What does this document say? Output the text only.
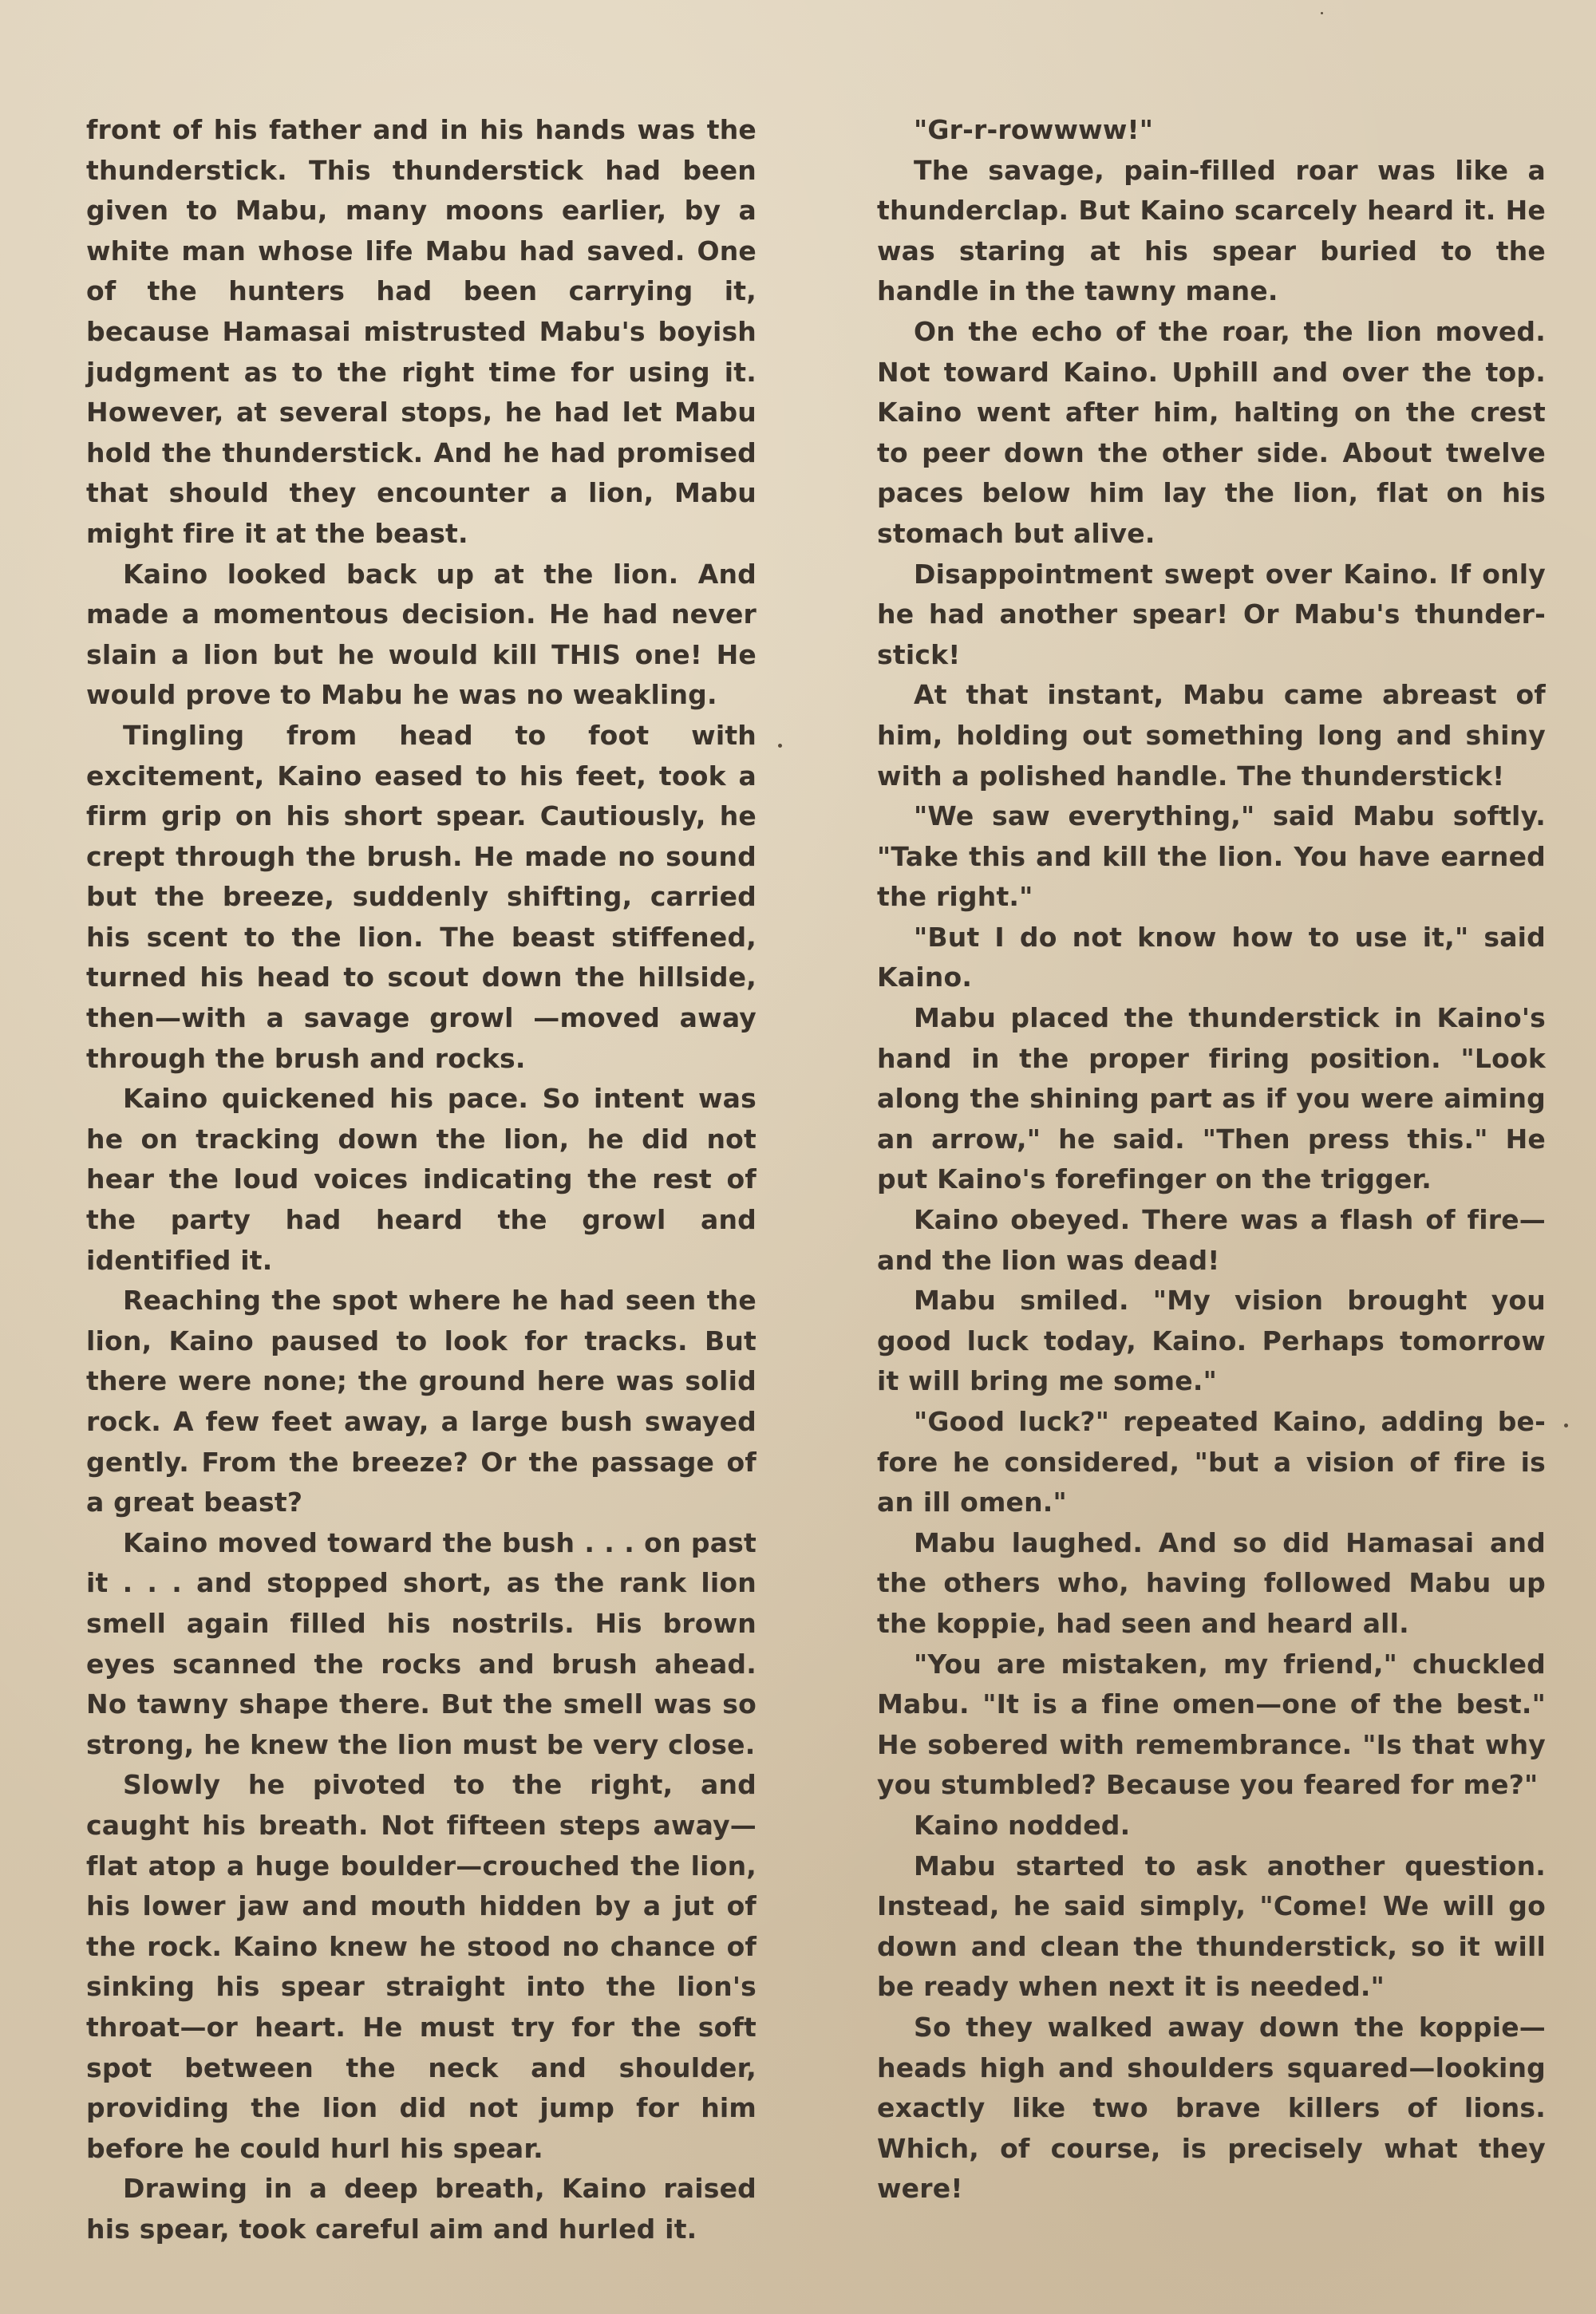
front of his father and in his hands was the thunderstick. This thunderstick had been given to Mabu, many moons earlier, by a white man whose life Mabu had saved. One of the hunters had been carrying it, because Hamasai mistrusted Mabu's boyish judgment as to the right time for using it. However, at several stops, he had let Mabu hold the thunderstick. And he had promised that should they encounter a lion, Mabu might fire it at the beast.

Kaino looked back up at the lion. And made a momentous decision. He had never slain a lion but he would kill THIS one! He would prove to Mabu he was no weakling.

Tingling from head to foot with excitement, Kaino eased to his feet, took a firm grip on his short spear. Cautiously, he crept through the brush. He made no sound but the breeze, suddenly shifting, carried his scent to the lion. The beast stiffened, turned his head to scout down the hillside, then—with a savage growl —moved away through the brush and rocks.

Kaino quickened his pace. So intent was he on tracking down the lion, he did not hear the loud voices indicating the rest of the party had heard the growl and identified it.

Reaching the spot where he had seen the lion, Kaino paused to look for tracks. But there were none; the ground here was solid rock. A few feet away, a large bush swayed gently. From the breeze? Or the passage of a great beast?

Kaino moved toward the bush . . . on past it . . . and stopped short, as the rank lion smell again filled his nostrils. His brown eyes scanned the rocks and brush ahead. No tawny shape there. But the smell was so strong, he knew the lion must be very close.

Slowly he pivoted to the right, and caught his breath. Not fifteen steps away—flat atop a huge boulder—crouched the lion, his lower jaw and mouth hidden by a jut of the rock. Kaino knew he stood no chance of sinking his spear straight into the lion's throat—or heart. He must try for the soft spot between the neck and shoulder, providing the lion did not jump for him before he could hurl his spear.

Drawing in a deep breath, Kaino raised his spear, took careful aim and hurled it.

"Gr-r-rowwww!"

The savage, pain-filled roar was like a thunderclap. But Kaino scarcely heard it. He was staring at his spear buried to the handle in the tawny mane.

On the echo of the roar, the lion moved. Not toward Kaino. Uphill and over the top. Kaino went after him, halting on the crest to peer down the other side. About twelve paces below him lay the lion, flat on his stomach but alive.

Disappointment swept over Kaino. If only he had another spear! Or Mabu's thunder-stick!

At that instant, Mabu came abreast of him, holding out something long and shiny with a polished handle. The thunderstick!

"We saw everything," said Mabu softly. "Take this and kill the lion. You have earned the right."

"But I do not know how to use it," said Kaino.

Mabu placed the thunderstick in Kaino's hand in the proper firing position. "Look along the shining part as if you were aiming an arrow," he said. "Then press this." He put Kaino's forefinger on the trigger.

Kaino obeyed. There was a flash of fire—and the lion was dead!

Mabu smiled. "My vision brought you good luck today, Kaino. Perhaps tomorrow it will bring me some."

"Good luck?" repeated Kaino, adding be-fore he considered, "but a vision of fire is an ill omen."

Mabu laughed. And so did Hamasai and the others who, having followed Mabu up the koppie, had seen and heard all.

"You are mistaken, my friend," chuckled Mabu. "It is a fine omen—one of the best." He sobered with remembrance. "Is that why you stumbled? Because you feared for me?"

Kaino nodded.

Mabu started to ask another question. Instead, he said simply, "Come! We will go down and clean the thunderstick, so it will be ready when next it is needed."

So they walked away down the koppie—heads high and shoulders squared—looking exactly like two brave killers of lions. Which, of course, is precisely what they were!
